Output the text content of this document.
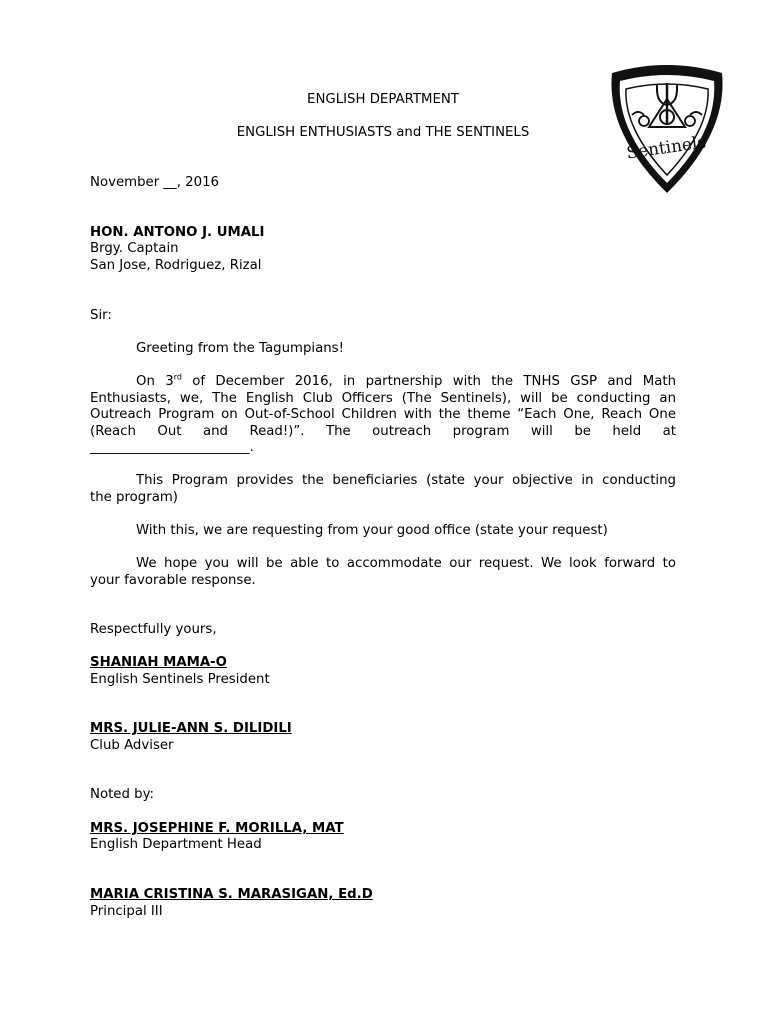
Sentinels
ENGLISH DEPARTMENT
ENGLISH ENTHUSIASTS and THE SENTINELS
November __, 2016
HON. ANTONO J. UMALI
Brgy. Captain
San Jose, Rodriguez, Rizal
Sir:
Greeting from the Tagumpians!
On 3rd of December 2016, in partnership with the TNHS GSP and Math
Enthusiasts, we, The English Club Officers (The Sentinels), will be conducting an
Outreach Program on Out-of-School Children with the theme “Each One, Reach One
(Reach Out and Read!)”. The outreach program will be held at
________________________.
This Program provides the beneficiaries (state your objective in conducting
the program)
With this, we are requesting from your good office (state your request)
We hope you will be able to accommodate our request. We look forward to
your favorable response.
Respectfully yours,
SHANIAH MAMA-O
English Sentinels President
MRS. JULIE-ANN S. DILIDILI
Club Adviser
Noted by:
MRS. JOSEPHINE F. MORILLA, MAT
English Department Head
MARIA CRISTINA S. MARASIGAN, Ed.D
Principal III
